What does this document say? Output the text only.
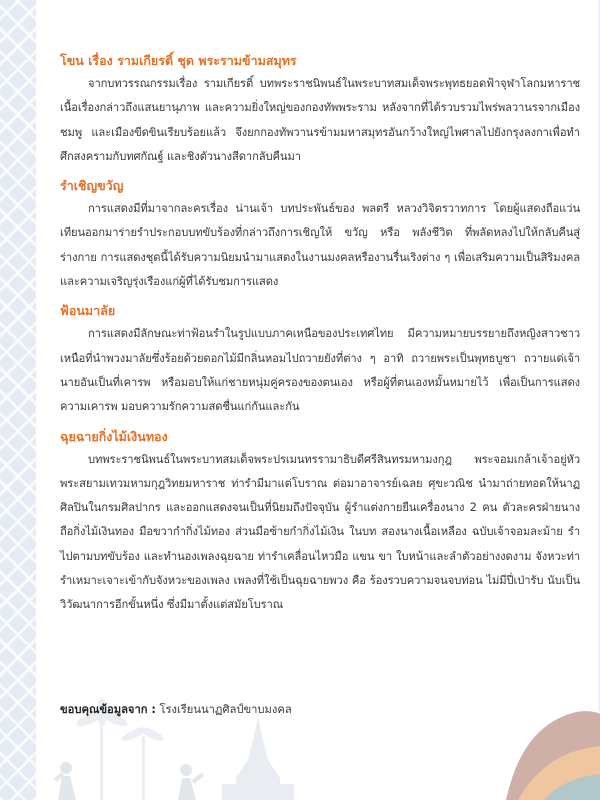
โขน เรื่อง รามเกียรติ์ ชุด พระรามข้ามสมุทร

จากบทวรรณกรรมเรื่อง รามเกียรติ์ บทพระราชนิพนธ์ในพระบาทสมเด็จพระพุทธยอดฟ้าจุฬาโลกมหาราช เนื้อเรื่องกล่าวถึงแสนยานุภาพ และความยิ่งใหญ่ของกองทัพพระราม หลังจากที่ได้รวบรวมไพร่พลวานรจากเมืองชมพู และเมืองขีดขินเรียบร้อยแล้ว จึงยกกองทัพวานรข้ามมหาสมุทรอันกว้างใหญ่ไพศาลไปยังกรุงลงกาเพื่อทำศึกสงครามกับทศกัณฐ์ และชิงตัวนางสีดากลับคืนมา

รำเชิญขวัญ

การแสดงมีที่มาจากละครเรื่อง น่านเจ้า บทประพันธ์ของ พลตรี หลวงวิจิตรวาทการ โดยผู้แสดงถือแว่นเทียนออกมาร่ายรำประกอบบทขับร้องที่กล่าวถึงการเชิญให้ ขวัญ หรือ พลังชีวิต ที่พลัดหลงไปให้กลับคืนสู่ร่างกาย การแสดงชุดนี้ได้รับความนิยมนำมาแสดงในงานมงคลหรืองานรื่นเริงต่าง ๆ เพื่อเสริมความเป็นสิริมงคล และความเจริญรุ่งเรืองแก่ผู้ที่ได้รับชมการแสดง

ฟ้อนมาลัย

การแสดงมีลักษณะท่าฟ้อนรำในรูปแบบภาคเหนือของประเทศไทย มีความหมายบรรยายถึงหญิงสาวชาวเหนือที่นำพวงมาลัยซึ่งร้อยด้วยดอกไม้มีกลิ่นหอมไปถวายยังที่ต่าง ๆ อาทิ ถวายพระเป็นพุทธบูชา ถวายแด่เจ้านายอันเป็นที่เคารพ หรือมอบให้แก่ชายหนุ่มคู่ครองของตนเอง หรือผู้ที่ตนเองหมั้นหมายไว้ เพื่อเป็นการแสดงความเคารพ มอบความรักความสดชื่นแก่กันและกัน

ฉุยฉายกิ่งไม้เงินทอง

บทพระราชนิพนธ์ในพระบาทสมเด็จพระปรเมนทรรามาธิบดีศรีสินทรมหามงกุฎ พระจอมเกล้าเจ้าอยู่หัว พระสยามเทวมหามกุฎวิทยมหาราช ท่ารำมีมาแต่โบราณ ต่อมาอาจารย์เฉลย ศุขะวณิช นำมาถ่ายทอดให้นาฏศิลปินในกรมศิลปากร และออกแสดงจนเป็นที่นิยมถึงปัจจุบัน ผู้รำแต่งกายยืนเครื่องนาง 2 คน ตัวละครฝ่ายนางถือกิ่งไม้เงินทอง มือขวากำกิ่งไม้ทอง ส่วนมือซ้ายกำกิ่งไม้เงิน ในบท สองนางเนื้อเหลือง ฉบับเจ้าจอมละม้าย รำไปตามบทขับร้อง และทำนองเพลงฉุยฉาย ท่ารำเคลื่อนไหวมือ แขน ขา ใบหน้าและลำตัวอย่างงดงาม จังหวะท่ารำเหมาะเจาะเข้ากับจังหวะของเพลง เพลงที่ใช้เป็นฉุยฉายพวง คือ ร้องรวบความจนจบท่อน ไม่มีปี่เป่ารับ นับเป็นวิวัฒนาการอีกขั้นหนึ่ง ซึ่งมีมาตั้งแต่สมัยโบราณ

ขอบคุณข้อมูลจาก : โรงเรียนนาฏศิลป์ขาบมงคล
